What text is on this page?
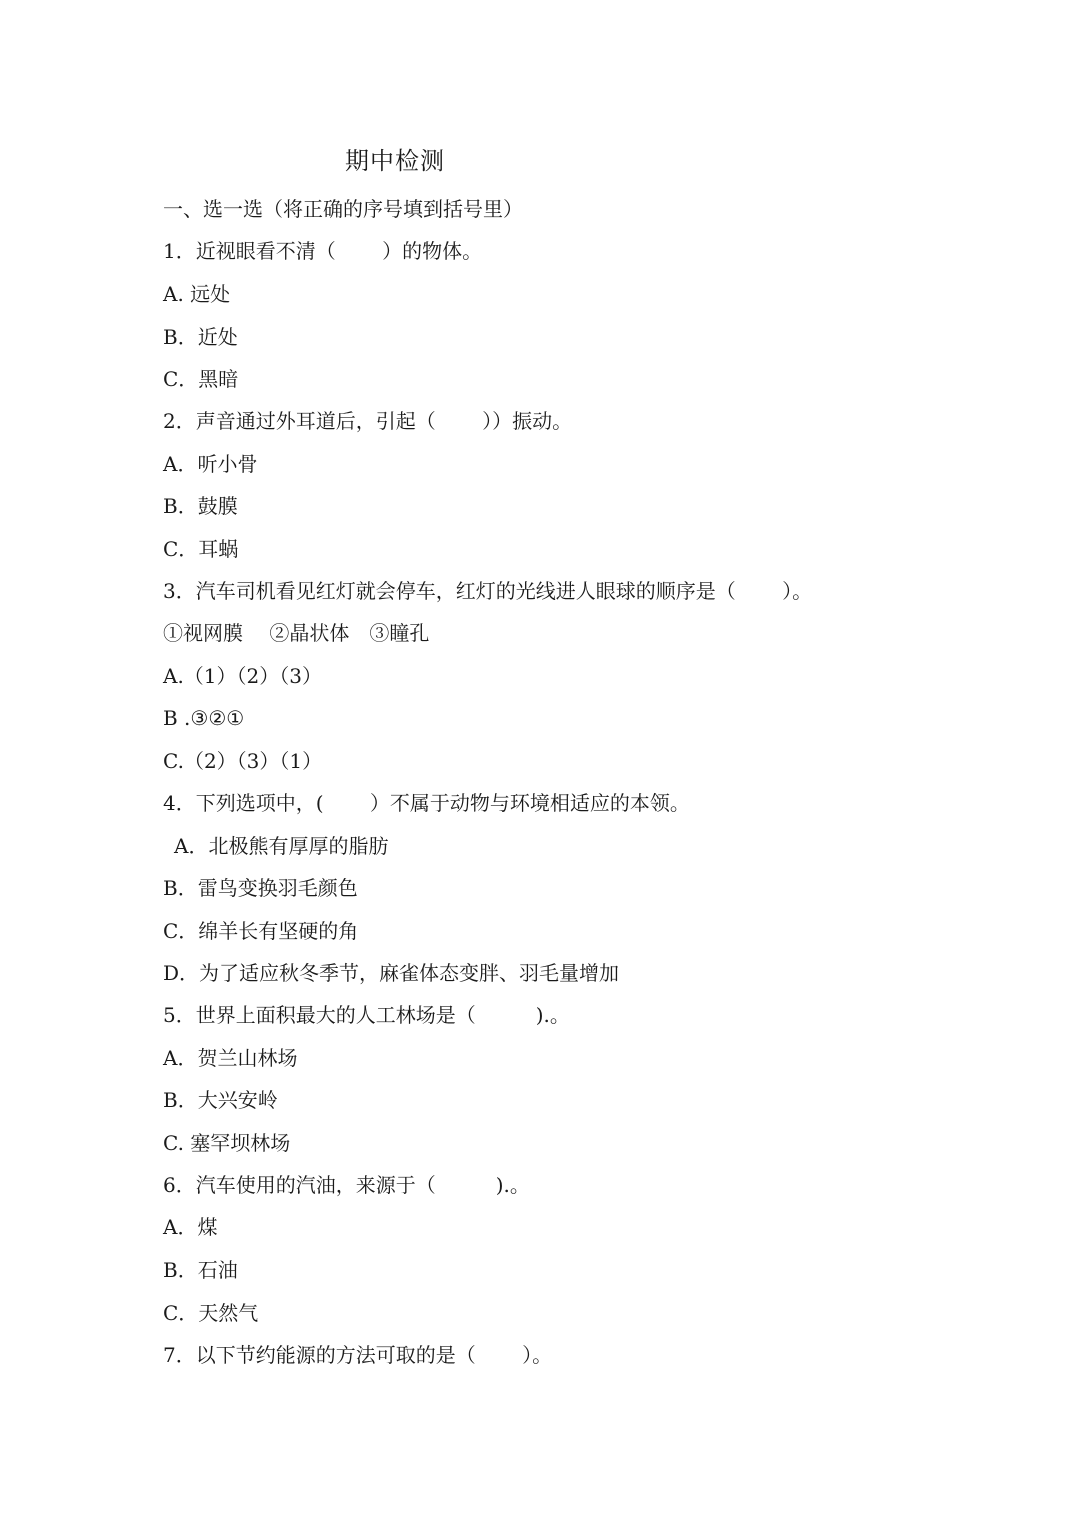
期中检测
一、选一选（将正确的序号填到括号里）
1．近视眼看不清（　　 ）的物体。
A. 远处
B．近处
C．黑暗
2．声音通过外耳道后，引起（　　 ））振动。
A．听小骨
B．鼓膜
C．耳蜗
3．汽车司机看见红灯就会停车，红灯的光线进人眼球的顺序是（　　 ）。
①视网膜　 ②晶状体　③瞳孔
A.（1）（2）（3）
B .③②①
C.（2）（3）（1）
4．下列选项中，(　　 ）不属于动物与环境相适应的本领。
A．北极熊有厚厚的脂肪
B．雷鸟变换羽毛颜色
C．绵羊长有坚硬的角
D．为了适应秋冬季节，麻雀体态变胖、羽毛量增加
5．世界上面积最大的人工林场是（　　　).。
A．贺兰山林场
B．大兴安岭
C. 塞罕坝林场
6．汽车使用的汽油，来源于（　　　).。
A．煤
B．石油
C．天然气
7．以下节约能源的方法可取的是（　　 ）。
